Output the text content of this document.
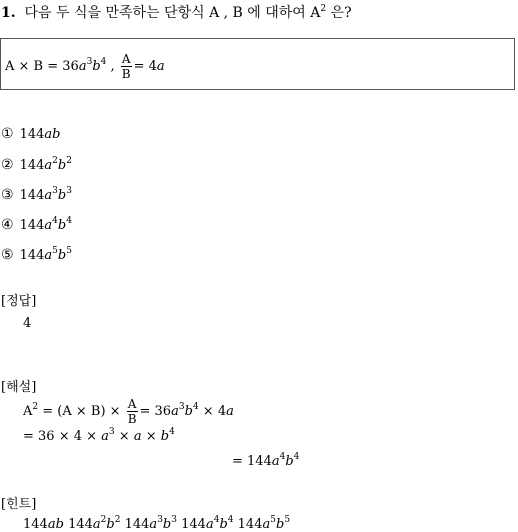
1. 다음 두 식을 만족하는 단항식 A , B 에 대하여 $A^2$ 은?
$A \times B = 36a^3b^4$ , $\frac{A}{B} = 4a$
① 144ab
② $144a^2b^2$
③ $144a^3b^3$
④ $144a^4b^4$
⑤ $144a^5b^5$
[정답]
4
[해설]
$A^2 = (A \times B) \times \frac{A}{B} = 36a^3b^4 \times 4a$
= $36 \times 4 \times a^3 \times a \times b^4$
= $144a^4b^4$
[힌트]
144ab $144a^2b^2$ $144a^3b^3$ $144a^4b^4$ $144a^5b^5$
